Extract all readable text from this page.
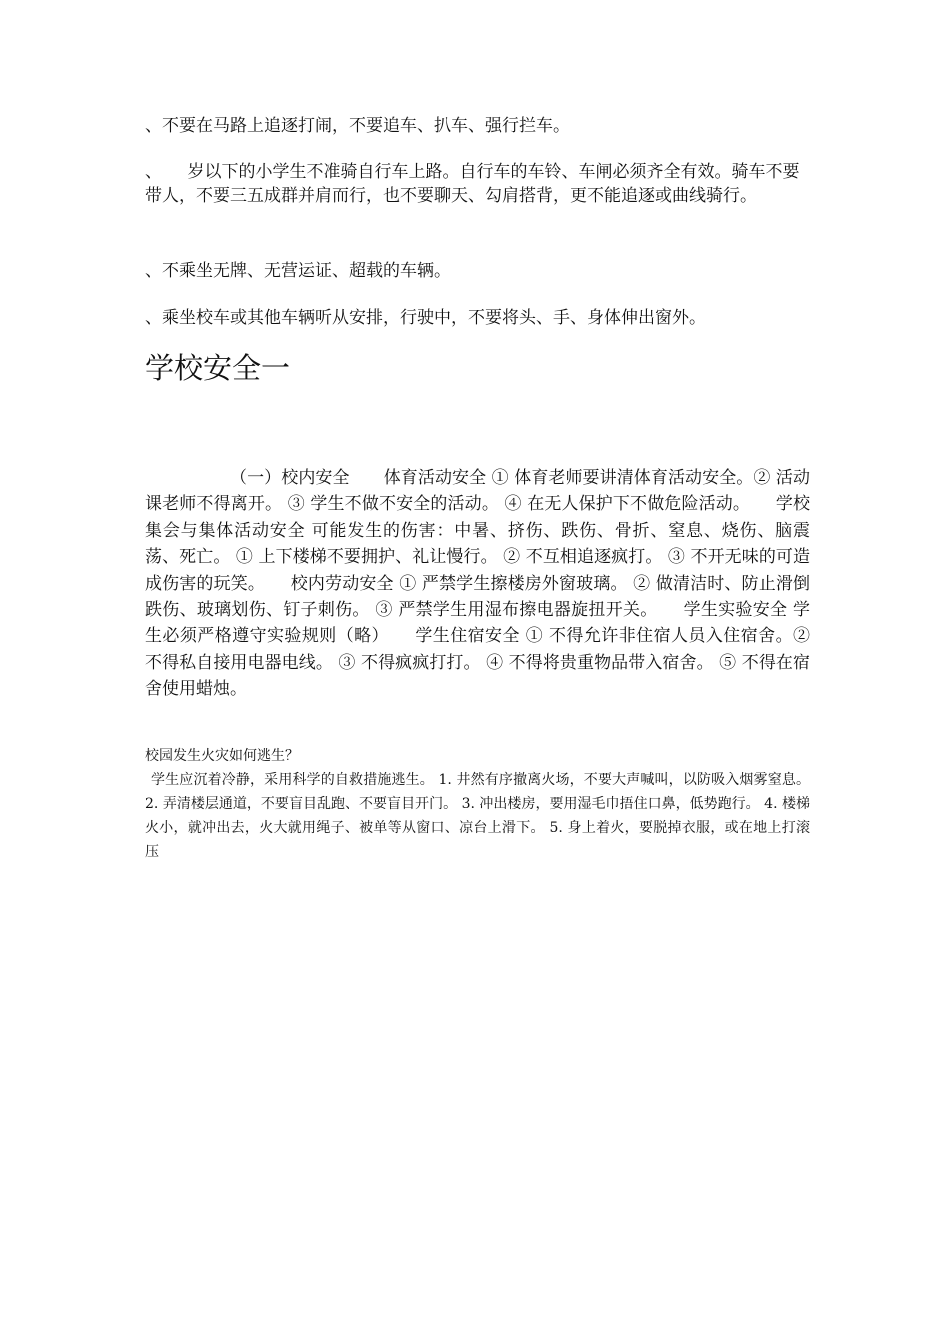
、不要在马路上追逐打闹，不要追车、扒车、强行拦车。

、　　岁以下的小学生不准骑自行车上路。自行车的车铃、车闸必须齐全有效。骑车不要带人，不要三五成群并肩而行，也不要聊天、勾肩搭背，更不能追逐或曲线骑行。

、不乘坐无牌、无营运证、超载的车辆。

、乘坐校车或其他车辆听从安排，行驶中，不要将头、手、身体伸出窗外。

学校安全一

（一）校内安全　　体育活动安全 ① 体育老师要讲清体育活动安全。② 活动课老师不得离开。 ③ 学生不做不安全的活动。 ④ 在无人保护下不做危险活动。　　学校集会与集体活动安全 可能发生的伤害：中暑、挤伤、跌伤、骨折、窒息、烧伤、脑震荡、死亡。 ① 上下楼梯不要拥护、礼让慢行。 ② 不互相追逐疯打。 ③ 不开无味的可造成伤害的玩笑。　　校内劳动安全 ① 严禁学生擦楼房外窗玻璃。 ② 做清洁时、防止滑倒跌伤、玻璃划伤、钉子刺伤。 ③ 严禁学生用湿布擦电器旋扭开关。　　学生实验安全 学生必须严格遵守实验规则（略）　　学生住宿安全 ① 不得允许非住宿人员入住宿舍。② 不得私自接用电器电线。 ③ 不得疯疯打打。 ④ 不得将贵重物品带入宿舍。 ⑤ 不得在宿舍使用蜡烛。

校园发生火灾如何逃生？

学生应沉着冷静，采用科学的自救措施逃生。 1. 井然有序撤离火场，不要大声喊叫，以防吸入烟雾窒息。 2. 弄清楼层通道，不要盲目乱跑、不要盲目开门。 3. 冲出楼房，要用湿毛巾捂住口鼻，低势跑行。 4. 楼梯火小，就冲出去，火大就用绳子、被单等从窗口、凉台上滑下。 5. 身上着火，要脱掉衣服，或在地上打滚压
